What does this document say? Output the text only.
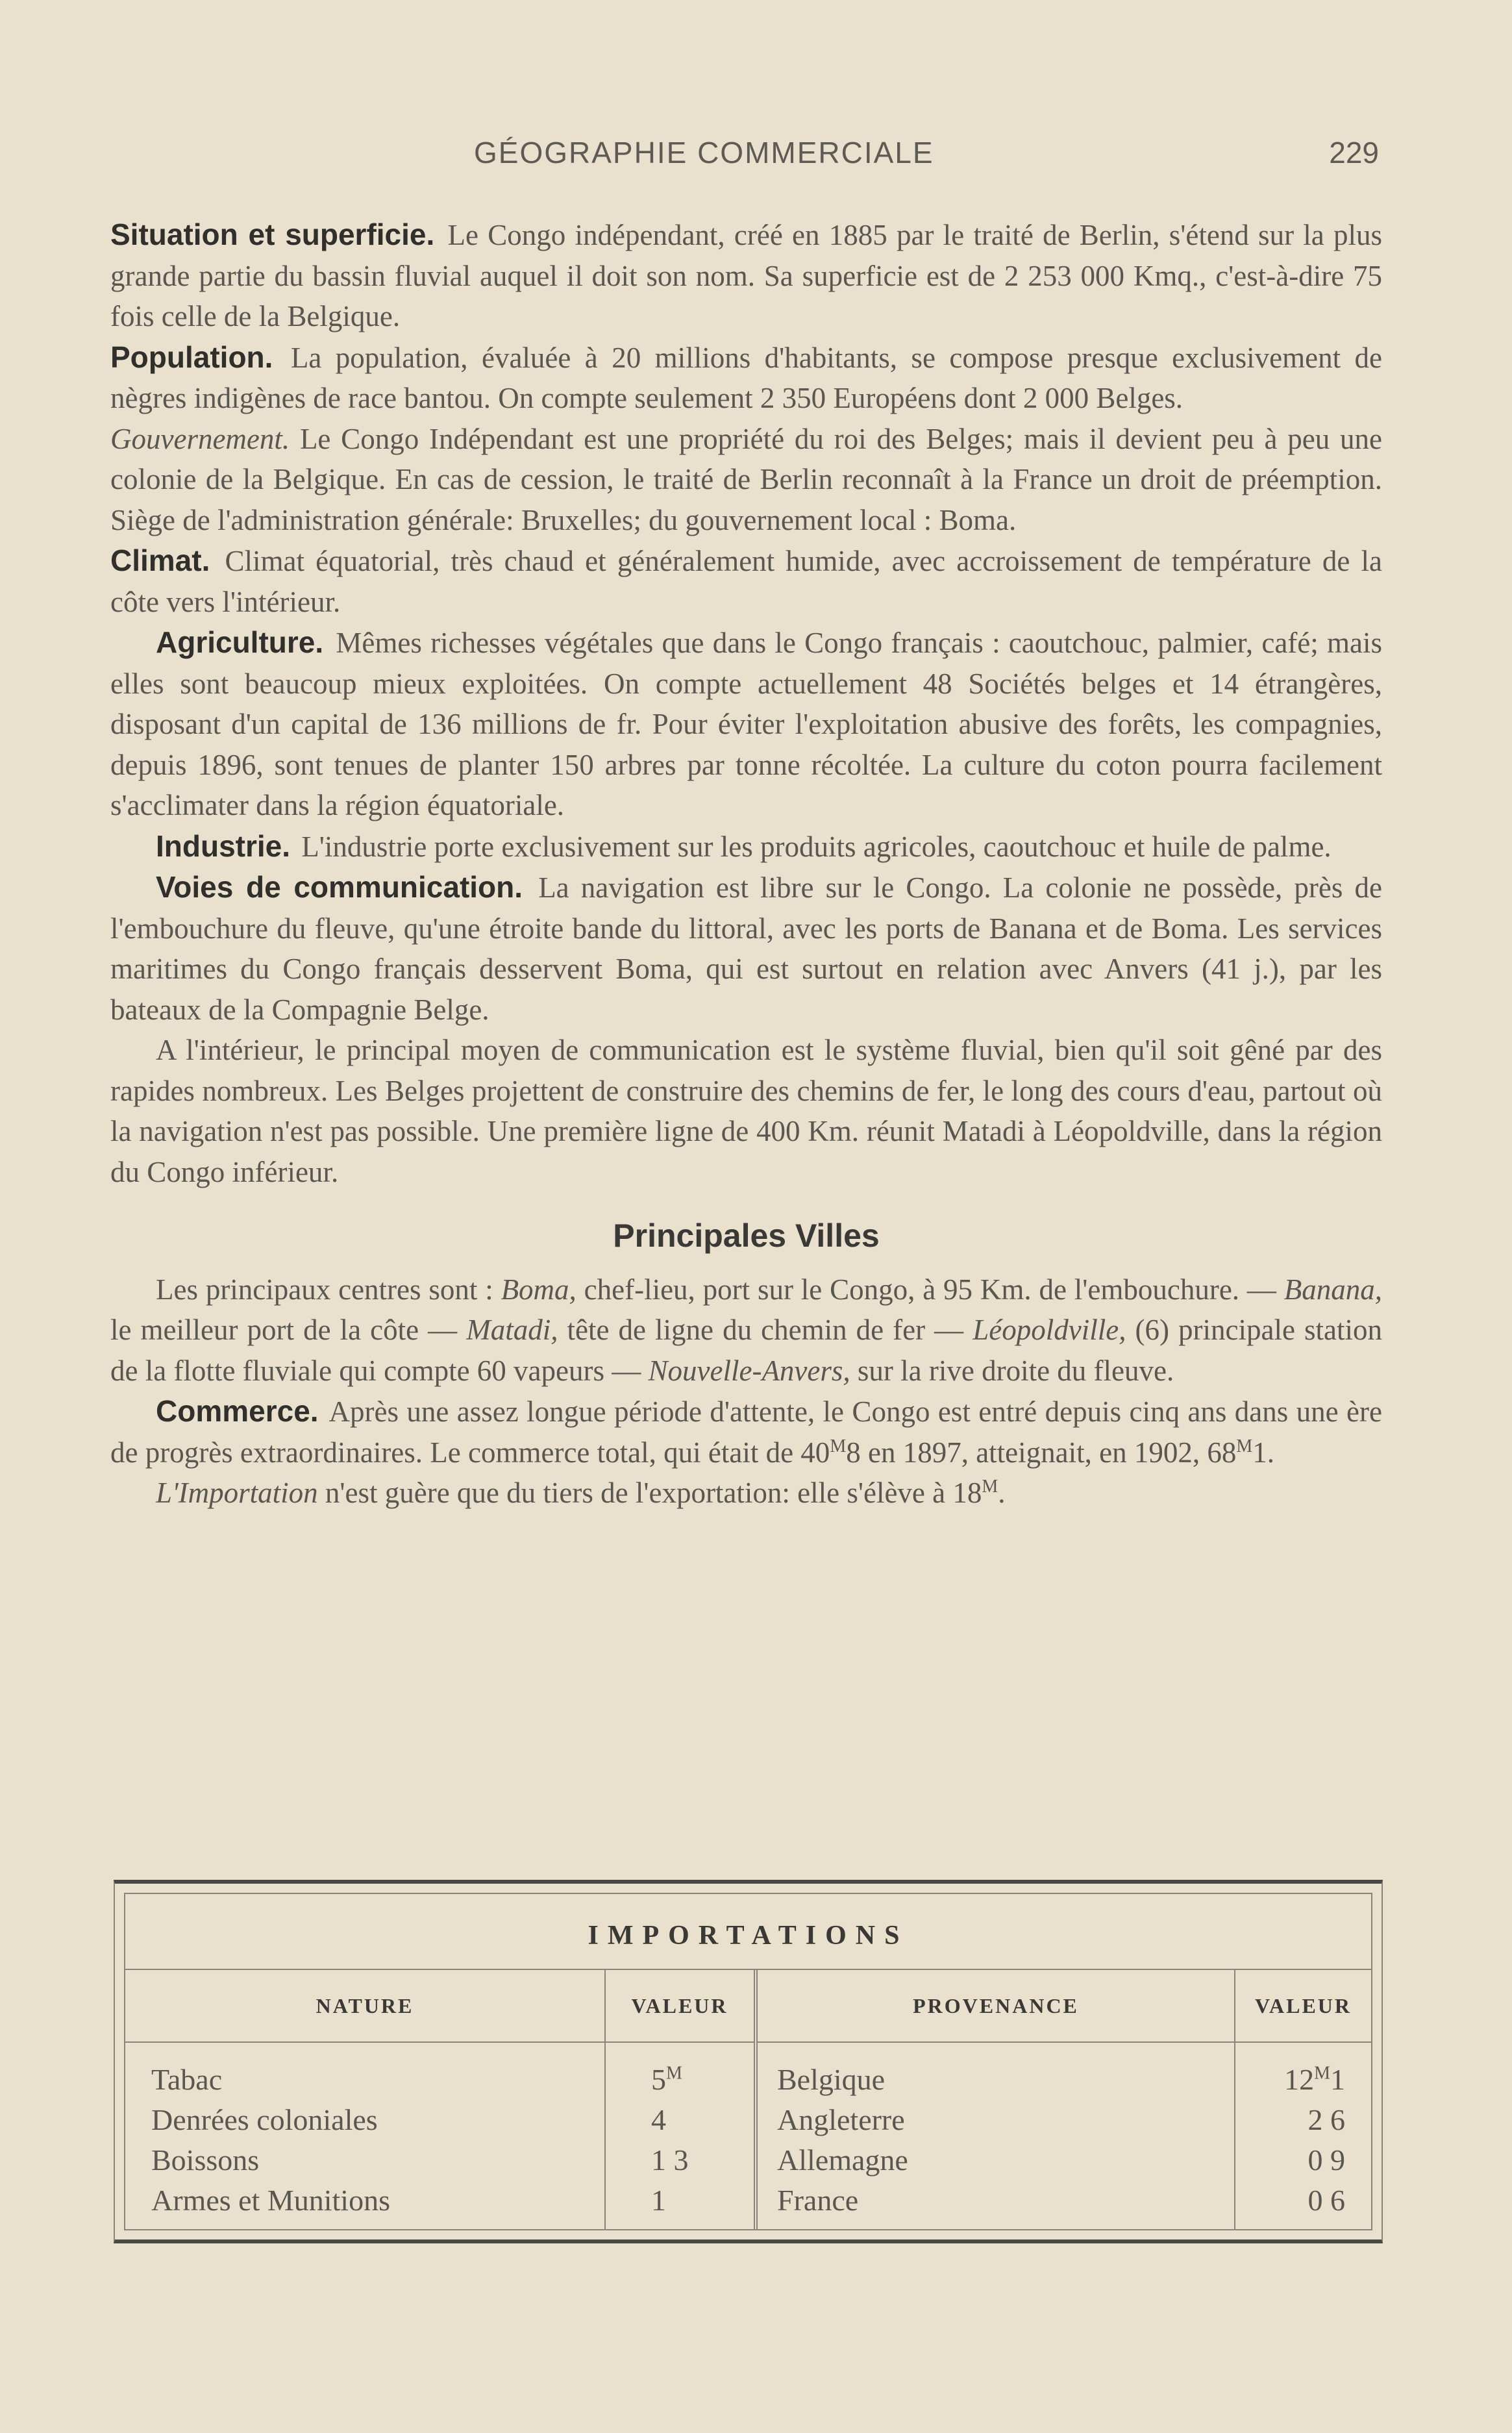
GÉOGRAPHIE COMMERCIALE	229

Situation et superficie. Le Congo indépendant, créé en 1885 par le traité de Berlin, s'étend sur la plus grande partie du bassin fluvial auquel il doit son nom. Sa superficie est de 2 253 000 Kmq., c'est-à-dire 75 fois celle de la Belgique.

Population. La population, évaluée à 20 millions d'habitants, se compose presque exclusivement de nègres indigènes de race bantou. On compte seulement 2 350 Européens dont 2 000 Belges.

Gouvernement. Le Congo Indépendant est une propriété du roi des Belges; mais il devient peu à peu une colonie de la Belgique. En cas de cession, le traité de Berlin reconnaît à la France un droit de préemption. Siège de l'administration générale: Bruxelles; du gouvernement local : Boma.

Climat. Climat équatorial, très chaud et généralement humide, avec accroissement de température de la côte vers l'intérieur.

Agriculture. Mêmes richesses végétales que dans le Congo français : caoutchouc, palmier, café; mais elles sont beaucoup mieux exploitées. On compte actuellement 48 Sociétés belges et 14 étrangères, disposant d'un capital de 136 millions de fr. Pour éviter l'exploitation abusive des forêts, les compagnies, depuis 1896, sont tenues de planter 150 arbres par tonne récoltée. La culture du coton pourra facilement s'acclimater dans la région équatoriale.

Industrie. L'industrie porte exclusivement sur les produits agricoles, caoutchouc et huile de palme.

Voies de communication. La navigation est libre sur le Congo. La colonie ne possède, près de l'embouchure du fleuve, qu'une étroite bande du littoral, avec les ports de Banana et de Boma. Les services maritimes du Congo français desservent Boma, qui est surtout en relation avec Anvers (41 j.), par les bateaux de la Compagnie Belge.

A l'intérieur, le principal moyen de communication est le système fluvial, bien qu'il soit gêné par des rapides nombreux. Les Belges projettent de construire des chemins de fer, le long des cours d'eau, partout où la navigation n'est pas possible. Une première ligne de 400 Km. réunit Matadi à Léopoldville, dans la région du Congo inférieur.

Principales Villes

Les principaux centres sont : Boma, chef-lieu, port sur le Congo, à 95 Km. de l'embouchure. — Banana, le meilleur port de la côte — Matadi, tête de ligne du chemin de fer — Léopoldville, (6) principale station de la flotte fluviale qui compte 60 vapeurs — Nouvelle-Anvers, sur la rive droite du fleuve.

Commerce. Après une assez longue période d'attente, le Congo est entré depuis cinq ans dans une ère de progrès extraordinaires. Le commerce total, qui était de $40^M8$ en 1897, atteignait, en 1902, $68^M1$.

L'Importation n'est guère que du tiers de l'exportation: elle s'élève à $18^M$.

IMPORTATIONS
NATURE
Tabac
Denrées coloniales
Boissons
Armes et Munitions
VALEUR
$5^M$
4
1 3
1
PROVENANCE
Belgique
Angleterre
Allemagne
France
VALEUR
$12^M1$
2 6
0 9
0 6
